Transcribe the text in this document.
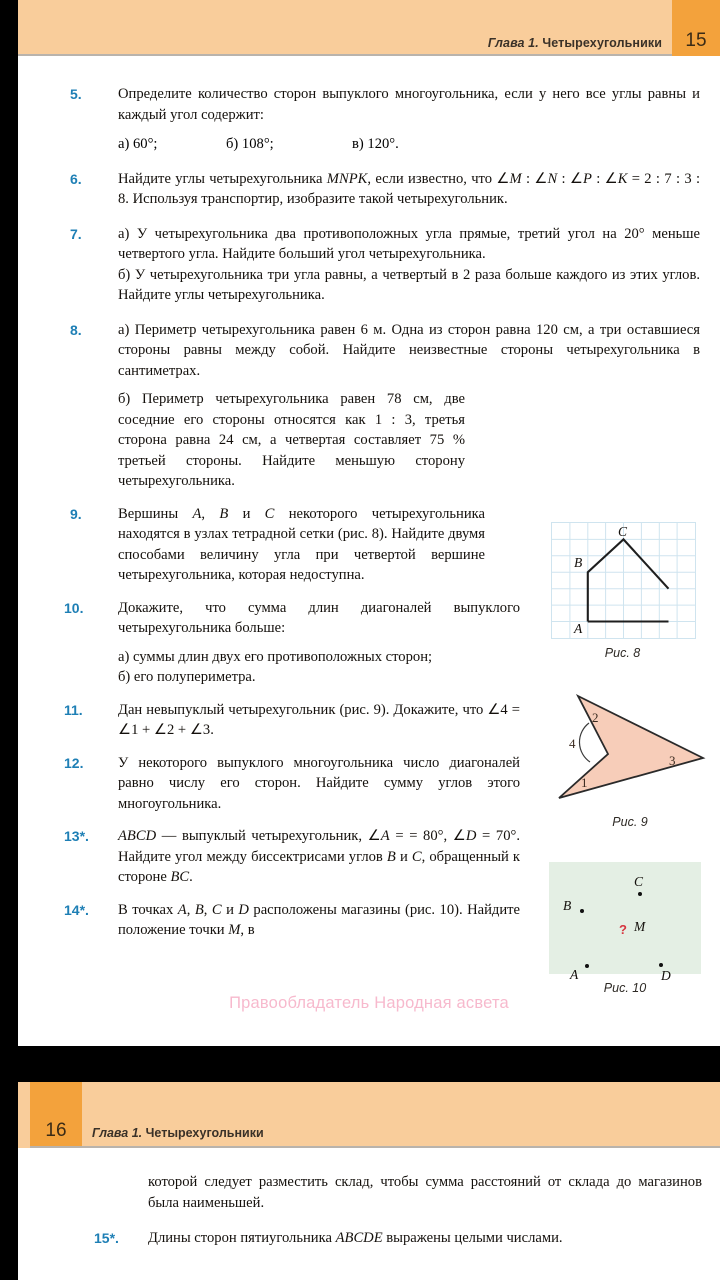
Глава 1. Четырехугольники	15
5.	Определите количество сторон выпуклого многоугольника, если у него все углы равны и каждый угол содержит:

а) 60°;	б) 108°;	в) 120°.
6.	Найдите углы четырехугольника MNPK, если известно, что ∠M : ∠N : ∠P : ∠K = 2 : 7 : 3 : 8. Используя транспортир, изобразите такой четырехугольник.

7.	а) У четырехугольника два противоположных угла прямые, третий угол на 20° меньше четвертого угла. Найдите больший угол четырехугольника.

б) У четырехугольника три угла равны, а четвертый в 2 раза больше каждого из этих углов. Найдите углы четырехугольника.

8.	а) Периметр четырехугольника равен 6 м. Одна из сторон равна 120 см, а три оставшиеся стороны равны между собой. Найдите неизвестные стороны четырехугольника в сантиметрах.

б) Периметр четырехугольника равен 78 см, две соседние его стороны относятся как 1 : 3, третья сторона равна 24 см, а четвертая составляет 75 % третьей стороны. Найдите меньшую сторону четырехугольника.

9.	Вершины A, B и C некоторого четырехугольника находятся в узлах тетрадной сетки (рис. 8). Найдите двумя способами величину угла при четвертой вершине четырехугольника, которая недоступна.

10.	Докажите, что сумма длин диагоналей выпуклого четырехугольника больше:

а) суммы длин двух его противоположных сторон;

б) его полупериметра.

11.	Дан невыпуклый четырехугольник (рис. 9). Докажите, что ∠4 = ∠1 + ∠2 + ∠3.

12.	У некоторого выпуклого многоугольника число диагоналей равно числу его сторон. Найдите сумму углов этого многоугольника.

13*.	ABCD — выпуклый четырехугольник, ∠A = = 80°, ∠D = 70°. Найдите угол между биссектрисами углов B и C, обращенный к стороне BC.

14*.	В точках A, B, C и D расположены магазины (рис. 10). Найдите положение точки M, в

B
A
C
Рис. 8
2
4
3
1
Рис. 9
B
C
A	D
? M
Рис. 10
Правообладатель Народная асвета
16	Глава 1. Четырехугольники

которой следует разместить склад, чтобы сумма расстояний от склада до магазинов была наименьшей.

15*. Длины сторон пятиугольника ABCDE выражены целыми числами.
